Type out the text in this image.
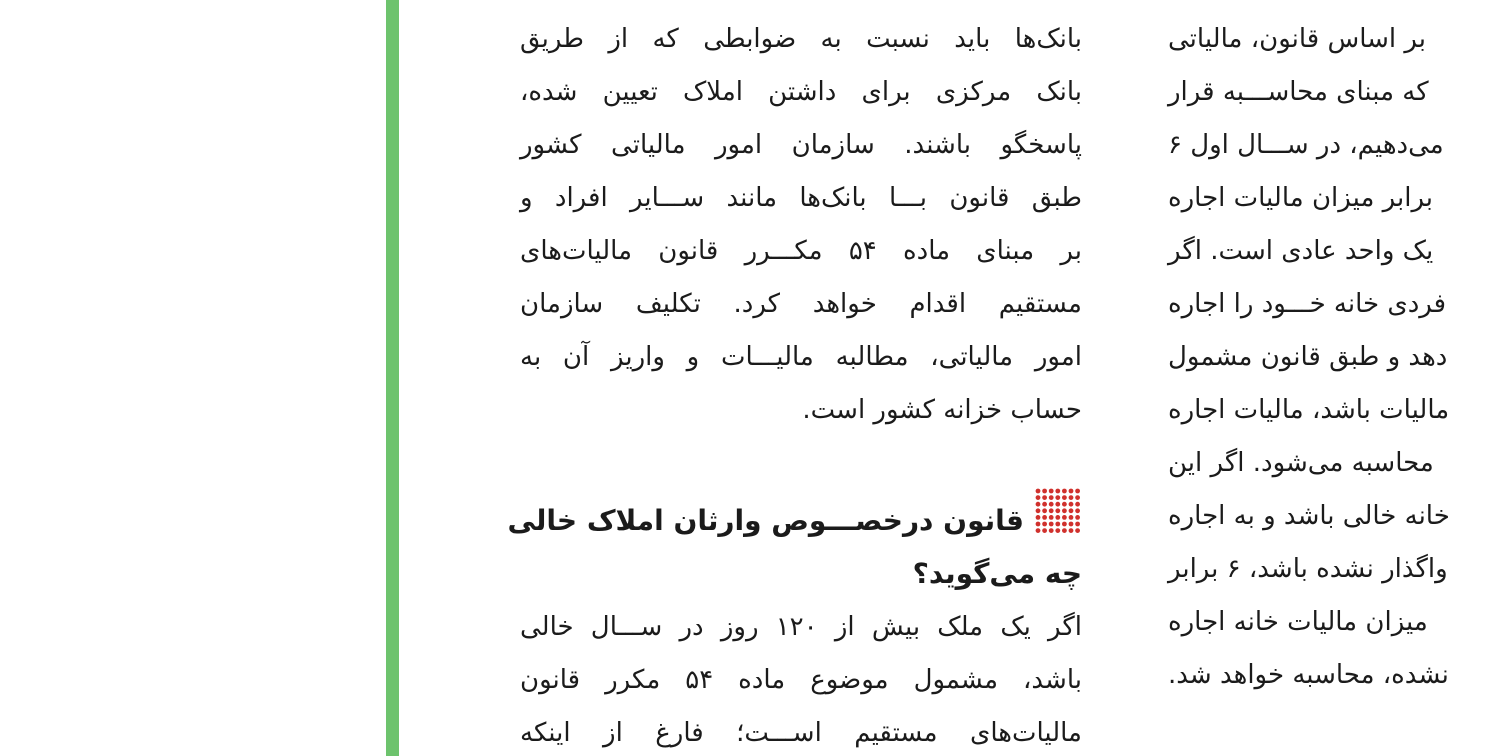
بانک‌ها باید نسبت به ضوابطی که از طریق
بانک مرکزی برای داشتن املاک تعیین شده،
پاسخگو باشند. سازمان امور مالیاتی کشور
طبق قانون بـــا بانک‌ها مانند ســـایر افراد و
بر مبنای ماده ۵۴ مکـــرر قانون مالیات‌های
مستقیم اقدام خواهد کرد. تکلیف سازمان
امور مالیاتی، مطالبه مالیـــات و واریز آن به
حساب خزانه کشور است.
قانون درخصـــوص وارثان املاک خالی
چه می‌گوید؟
اگر یک ملک بیش از ۱۲۰ روز در ســـال خالی
باشد، مشمول موضوع ماده ۵۴ مکرر قانون
مالیات‌های مستقیم اســـت؛ فارغ از اینکه
بر اساس قانون، مالیاتی
که مبنای محاســـبه قرار
می‌دهیم، در ســـال اول ۶
برابر میزان مالیات اجاره
یک واحد عادی است. اگر
فردی خانه خـــود را اجاره
دهد و طبق قانون مشمول
مالیات باشد، مالیات اجاره
محاسبه می‌شود. اگر این
خانه خالی باشد و به اجاره
واگذار نشده باشد، ۶ برابر
میزان مالیات خانه اجاره
نشده، محاسبه خواهد شد.
